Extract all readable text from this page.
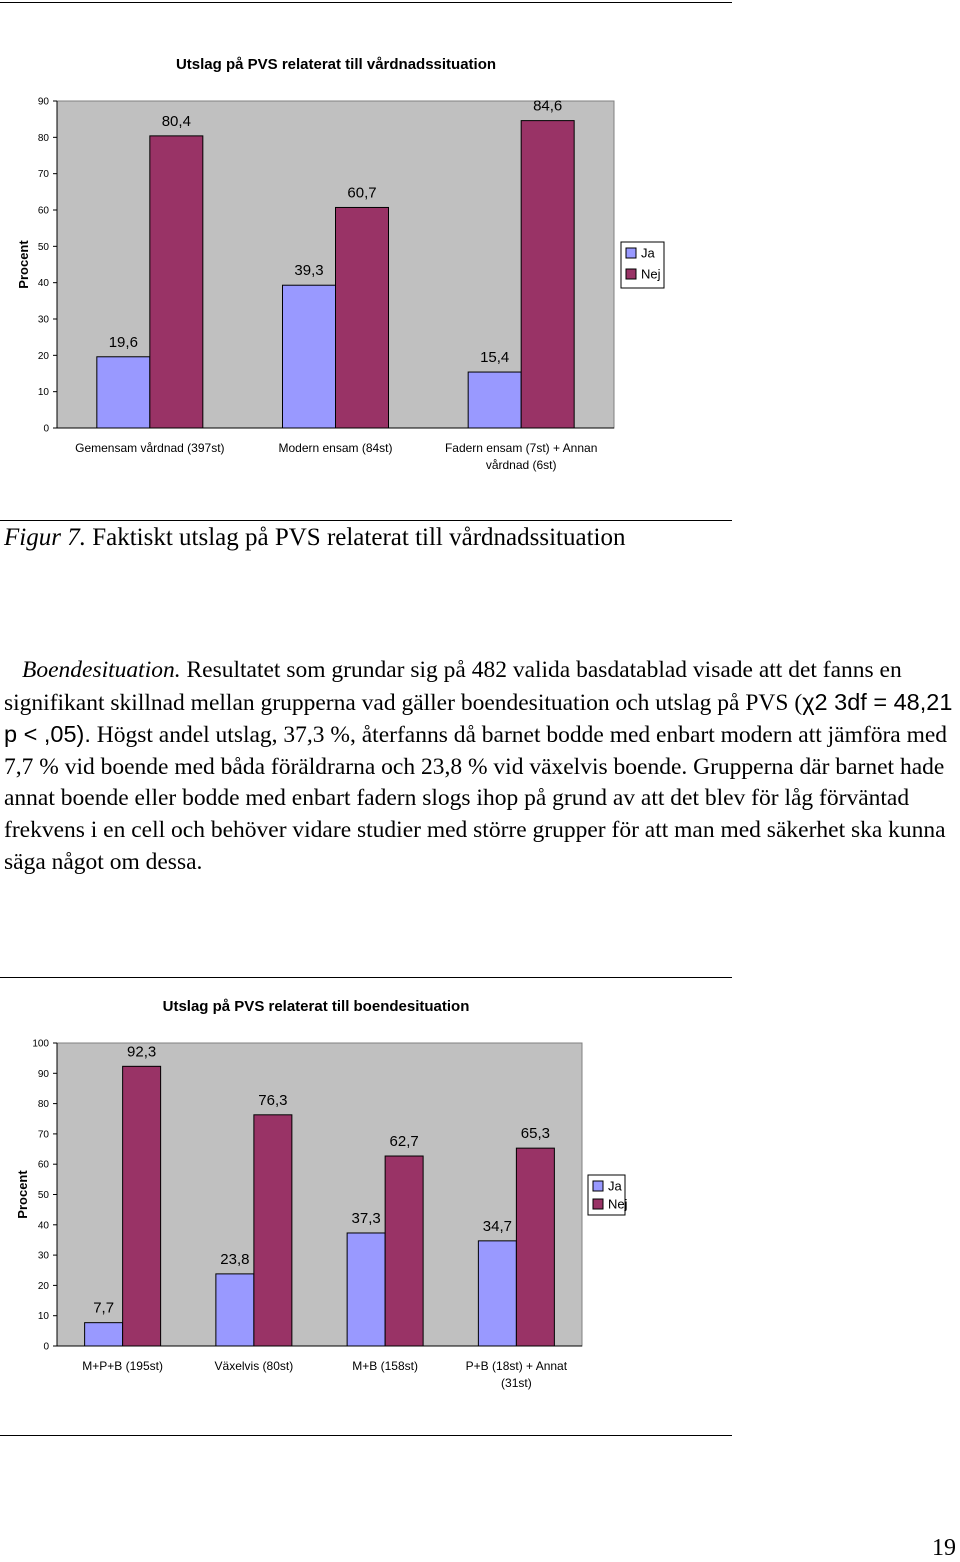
Utslag på PVS relaterat till vårdnadssituation
0
10
20
30
40
50
60
70
80
90
Procent
19,6
80,4
Gemensam vårdnad (397st)
39,3
60,7
Modern ensam (84st)
15,4
84,6
Fadern ensam (7st) + Annan
vårdnad (6st)
Ja
Nej
Figur 7. Faktiskt utslag på PVS relaterat till vårdnadssituation

Boendesituation. Resultatet som grundar sig på 482 valida basdatablad visade att det fanns en signifikant skillnad mellan grupperna vad gäller boendesituation och utslag på PVS (χ2 3df = 48,21 p < ,05). Högst andel utslag, 37,3 %, återfanns då barnet bodde med enbart modern att jämföra med 7,7 % vid boende med båda föräldrarna och 23,8 % vid växelvis boende. Grupperna där barnet hade annat boende eller bodde med enbart fadern slogs ihop på grund av att det blev för låg förväntad frekvens i en cell och behöver vidare studier med större grupper för att man med säkerhet ska kunna säga något om dessa.

Utslag på PVS relaterat till boendesituation
0
10
20
30
40
50
60
70
80
90
100
Procent
7,7
92,3
M+P+B (195st)
23,8
76,3
Växelvis (80st)
37,3
62,7
M+B (158st)
34,7
65,3
P+B (18st) + Annat
(31st)
Ja
Nej
19
